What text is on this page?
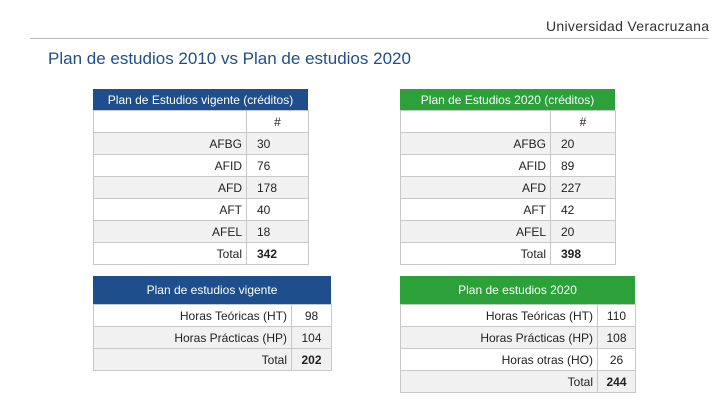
Universidad Veracruzana
Plan de estudios 2010 vs Plan de estudios 2020
Plan de Estudios vigente (créditos)
	#
AFBG	30
AFID	76
AFD	178
AFT	40
AFEL	18
Total	342
Plan de Estudios 2020 (créditos)
	#
AFBG	20
AFID	89
AFD	227
AFT	42
AFEL	20
Total	398
Plan de estudios vigente
Horas Teóricas (HT)	98
Horas Prácticas (HP)	104
Total	202
Plan de estudios 2020
Horas Teóricas (HT)	110
Horas Prácticas (HP)	108
Horas otras (HO)	26
Total	244
